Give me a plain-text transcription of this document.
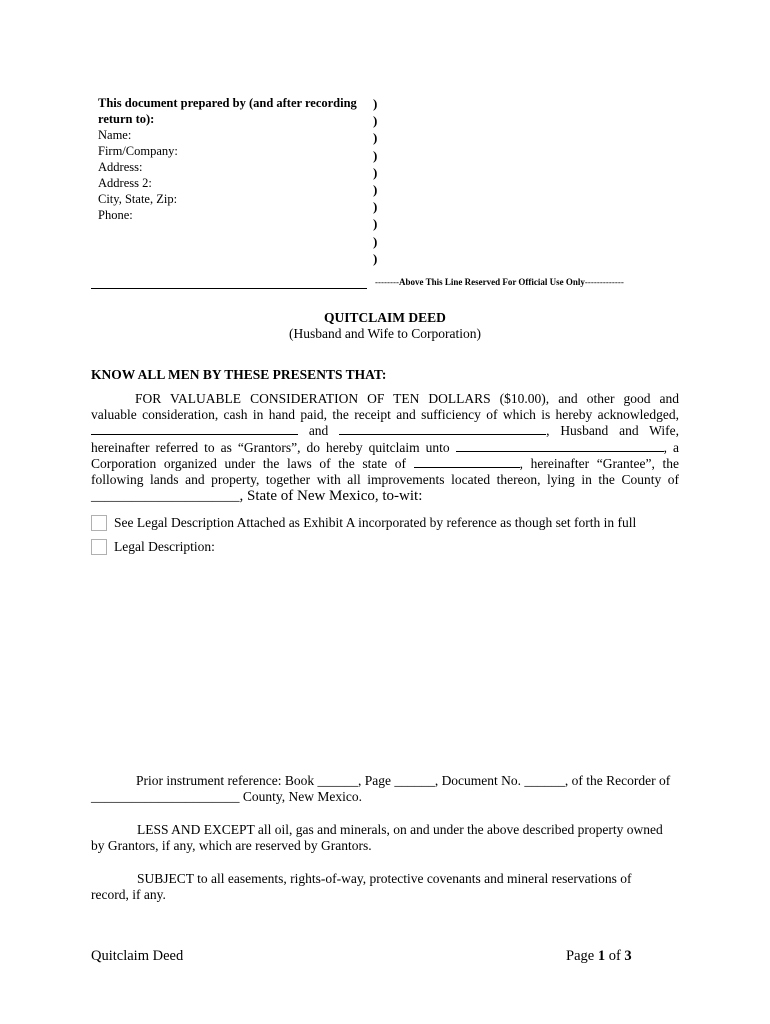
This document prepared by (and after recording
return to):
Name:
Firm/Company:
Address:
Address 2:
City, State, Zip:
Phone:
)
)
)
)
)
)
)
)
)
)
--------Above This Line Reserved For Official Use Only-------------
QUITCLAIM DEED
(Husband and Wife to Corporation)
KNOW ALL MEN BY THESE PRESENTS THAT:
FOR VALUABLE CONSIDERATION OF TEN DOLLARS ($10.00), and other good and
valuable consideration, cash in hand paid, the receipt and sufficiency of which is hereby acknowledged,
and	, Husband and Wife,
hereinafter referred to as “Grantors”, do hereby quitclaim unto	, a
Corporation organized under the laws of the state of	, hereinafter “Grantee”, the
following lands and property, together with all improvements located thereon, lying in the County of
______________________, State of New Mexico, to-wit:
See Legal Description Attached as Exhibit A incorporated by reference as though set forth in full
Legal Description:
Prior instrument reference: Book ______, Page ______, Document No. ______, of the Recorder of
______________________ County, New Mexico.
LESS AND EXCEPT all oil, gas and minerals, on and under the above described property owned
by Grantors, if any, which are reserved by Grantors.
SUBJECT to all easements, rights-of-way, protective covenants and mineral reservations of
record, if any.
Quitclaim Deed	Page 1 of 3
